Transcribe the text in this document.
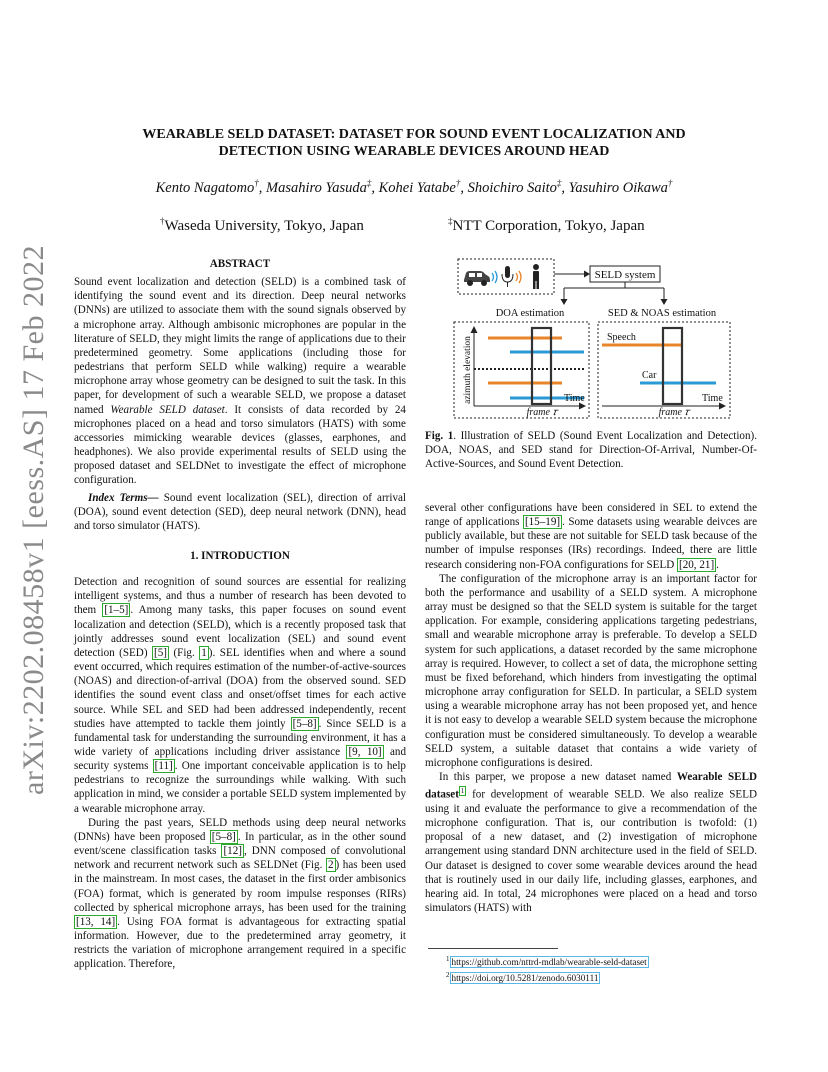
arXiv:2202.08458v1 [eess.AS] 17 Feb 2022
WEARABLE SELD DATASET: DATASET FOR SOUND EVENT LOCALIZATION AND
DETECTION USING WEARABLE DEVICES AROUND HEAD
Kento Nagatomo†, Masahiro Yasuda‡, Kohei Yatabe†, Shoichiro Saito‡, Yasuhiro Oikawa†
†Waseda University, Tokyo, Japan	‡NTT Corporation, Tokyo, Japan
ABSTRACT

Sound event localization and detection (SELD) is a combined task of identifying the sound event and its direction. Deep neural networks (DNNs) are utilized to associate them with the sound signals observed by a microphone array. Although ambisonic microphones are popular in the literature of SELD, they might limits the range of applications due to their predetermined geometry. Some applications (including those for pedestrians that perform SELD while walking) require a wearable microphone array whose geometry can be designed to suit the task. In this paper, for development of such a wearable SELD, we propose a dataset named Wearable SELD dataset. It consists of data recorded by 24 microphones placed on a head and torso simulators (HATS) with some accessories mimicking wearable devices (glasses, earphones, and headphones). We also provide experimental results of SELD using the proposed dataset and SELDNet to investigate the effect of microphone configuration.

Index Terms— Sound event localization (SEL), direction of arrival (DOA), sound event detection (SED), deep neural network (DNN), head and torso simulator (HATS).

1. INTRODUCTION

Detection and recognition of sound sources are essential for realizing intelligent systems, and thus a number of research has been devoted to them [1–5] . Among many tasks, this paper focuses on sound event localization and detection (SELD), which is a recently proposed task that jointly addresses sound event localization (SEL) and sound event detection (SED) [5] (Fig. 1 ). SEL identifies when and where a sound event occurred, which requires estimation of the number-of-active-sources (NOAS) and direction-of-arrival (DOA) from the observed sound. SED identifies the sound event class and onset/offset times for each active source. While SEL and SED had been addressed independently, recent studies have attempted to tackle them jointly [5–8] . Since SELD is a fundamental task for understanding the surrounding environment, it has a wide variety of applications including driver assistance [9, 10] and security systems [11] . One important conceivable application is to help pedestrians to recognize the surroundings while walking. With such application in mind, we consider a portable SELD system implemented by a wearable microphone array.

During the past years, SELD methods using deep neural networks (DNNs) have been proposed [5–8] . In particular, as in the other sound event/scene classification tasks [12] , DNN composed of convolutional network and recurrent network such as SELDNet (Fig. 2 ) has been used in the mainstream. In most cases, the dataset in the first order ambisonics (FOA) format, which is generated by room impulse responses (RIRs) collected by spherical microphone arrays, has been used for the training [13, 14] . Using FOA format is advantageous for extracting spatial information. However, due to the predetermined array geometry, it restricts the variation of microphone arrangement required in a specific application. Therefore,

SELD system
DOA estimation	SED & NOAS estimation
azimuth elevation	Time
frame 𝜏
Speech
Car
Time
frame 𝜏
Fig. 1. Illustration of SELD (Sound Event Localization and Detection). DOA, NOAS, and SED stand for Direction-Of-Arrival, Number-Of-Active-Sources, and Sound Event Detection.

several other configurations have been considered in SEL to extend the range of applications [15–19] . Some datasets using wearable deivces are publicly available, but these are not suitable for SELD task because of the number of impulse responses (IRs) recordings. Indeed, there are little research considering non-FOA configurations for SELD [20, 21] .

The configuration of the microphone array is an important factor for both the performance and usability of a SELD system. A microphone array must be designed so that the SELD system is suitable for the target application. For example, considering applications targeting pedestrians, small and wearable microphone array is preferable. To develop a SELD system for such applications, a dataset recorded by the same microphone array is required. However, to collect a set of data, the microphone setting must be fixed beforehand, which hinders from investigating the optimal microphone array configuration for SELD. In particular, a SELD system using a wearable microphone array has not been proposed yet, and hence it is not easy to develop a wearable SELD system because the microphone configuration must be considered simultaneously. To develop a wearable SELD system, a suitable dataset that contains a wide variety of microphone configurations is desired.

In this parper, we propose a new dataset named Wearable SELD dataset $^1$ for development of wearable SELD. We also realize SELD using it and evaluate the performance to give a recommendation of the microphone configuration. That is, our contribution is twofold: (1) proposal of a new dataset, and (2) investigation of microphone arrangement using standard DNN architecture used in the field of SELD. Our dataset is designed to cover some wearable devices around the head that is routinely used in our daily life, including glasses, earphones, and hearing aid. In total, 24 microphones were placed on a head and torso simulators (HATS) with

$^1$ https://github.com/nttrd-mdlab/wearable-seld-dataset
$^2$ https://doi.org/10.5281/zenodo.6030111
